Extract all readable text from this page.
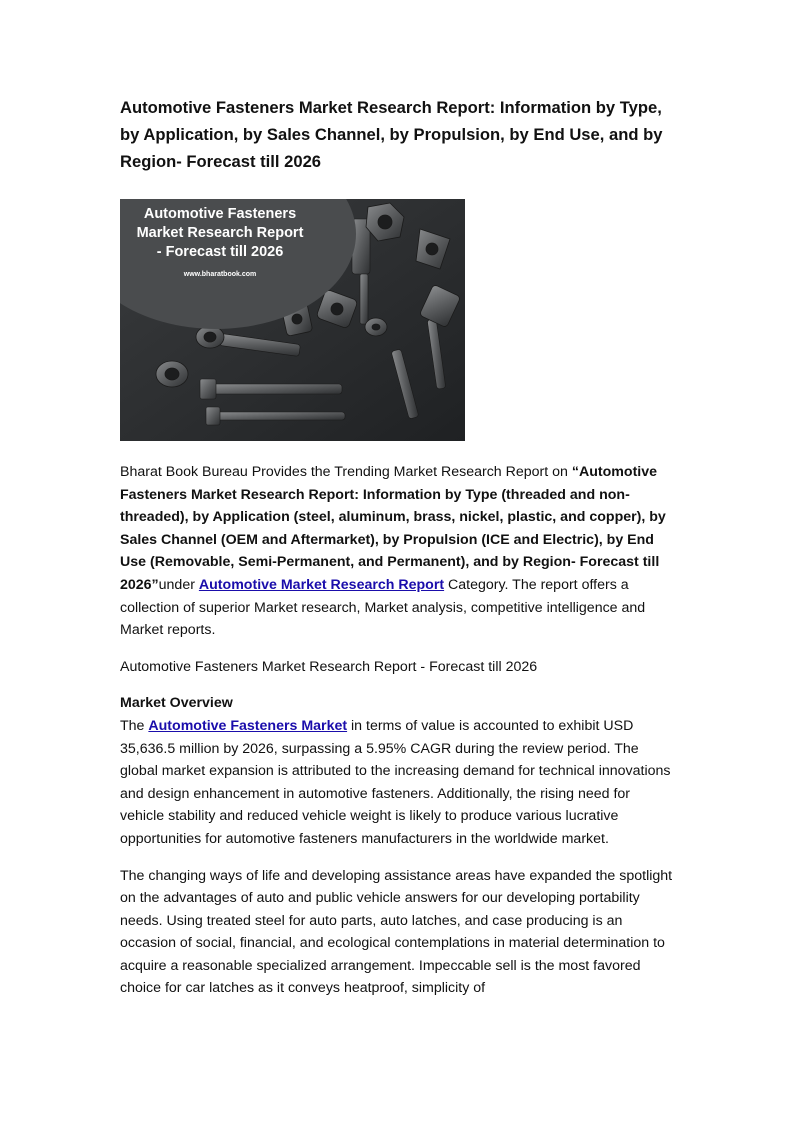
Automotive Fasteners Market Research Report: Information by Type, by Application, by Sales Channel, by Propulsion, by End Use, and by Region- Forecast till 2026
Automotive Fasteners
Market Research Report
- Forecast till 2026
www.bharatbook.com

Bharat Book Bureau Provides the Trending Market Research Report on “Automotive Fasteners Market Research Report: Information by Type (threaded and non-threaded), by Application (steel, aluminum, brass, nickel, plastic, and copper), by Sales Channel (OEM and Aftermarket), by Propulsion (ICE and Electric), by End Use (Removable, Semi-Permanent, and Permanent), and by Region- Forecast till 2026”under Automotive Market Research Report Category. The report offers a collection of superior Market research, Market analysis, competitive intelligence and Market reports.

Automotive Fasteners Market Research Report - Forecast till 2026

Market Overview

The Automotive Fasteners Market in terms of value is accounted to exhibit USD 35,636.5 million by 2026, surpassing a 5.95% CAGR during the review period. The global market expansion is attributed to the increasing demand for technical innovations and design enhancement in automotive fasteners. Additionally, the rising need for vehicle stability and reduced vehicle weight is likely to produce various lucrative opportunities for automotive fasteners manufacturers in the worldwide market.

The changing ways of life and developing assistance areas have expanded the spotlight on the advantages of auto and public vehicle answers for our developing portability needs. Using treated steel for auto parts, auto latches, and case producing is an occasion of social, financial, and ecological contemplations in material determination to acquire a reasonable specialized arrangement. Impeccable sell is the most favored choice for car latches as it conveys heatproof, simplicity of
